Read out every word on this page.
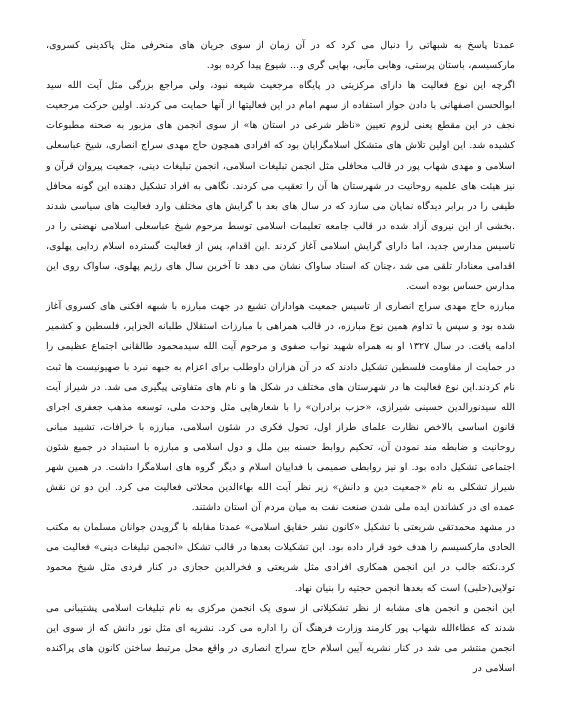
عمدتا پاسخ به شبهاتی را دنبال می کرد که در آن زمان از سوی جریان های منحرفی مثل پاکدینی کسروی، مارکسیسم، باستان پرستی، وهابی مآبی، بهایی گری و... شیوع پیدا کرده بود.

اگرچه این نوع فعالیت ها دارای مرکزیتی در پایگاه مرجعیت شیعه نبود، ولی مراجع بزرگی مثل آیت الله سید ابوالحسن اصفهانی با دادن جواز استفاده از سهم امام در این فعالیتها از آنها حمایت می کردند. اولین حرکت مرجعیت نجف در این مقطع یعنی لزوم تعیین «ناظر شرعی در استان ها» از سوی انجمن های مزبور به صحنه مطبوعات کشیده شد. این اولین تلاش های متشکل اسلامگرایان بود که افرادی همچون حاج مهدی سراج انصاری، شیخ عباسعلی اسلامی و مهدی شهاب پور در قالب محافلی مثل انجمن تبلیغات اسلامی، انجمن تبلیغات دینی، جمعیت پیروان قرآن و نیز هیئت های علمیه روحانیت در شهرستان ها آن را تعقیب می کردند. نگاهی به افراد تشکیل دهنده این گونه محافل طیفی را در برابر دیدگاه نمایان می سازد که در سال های بعد با گرایش های مختلف وارد فعالیت های سیاسی شدند .بخشی از این نیروی آزاد شده در قالب جامعه تعلیمات اسلامی توسط مرحوم شیخ عباسعلی اسلامی نهضتی را در تاسیس مدارس جدید، اما دارای گرایش اسلامی آغاز کردند .این اقدام، پس از فعالیت گسترده اسلام زدایی پهلوی، اقدامی معنادار تلقی می شد ،چنان که استاد ساواک نشان می دهد تا آخرین سال های رژیم پهلوی، ساواک روی این مدارس حساس بوده است.

مبارزه حاج مهدی سراج انصاری از تاسیس جمعیت هواداران تشیع در جهت مبارزه با شبهه افکنی های کسروی آغاز شده بود و سپس با تداوم همین نوع مبارزه، در قالب همراهی با مبارزات استقلال طلبانه الجزایر، فلسطین و کشمیر ادامه یافت. در سال ۱۳۲۷ او به همراه شهید نواب صفوی و مرحوم آیت الله سیدمحمود طالقانی اجتماع عظیمی را در حمایت از مقاومت فلسطین تشکیل دادند که در آن هزاران داوطلب برای اعزام به جبهه نبرد با صهیونیست ها ثبت نام کردند.این نوع فعالیت ها در شهرستان های مختلف در شکل ها و نام های متفاوتی پیگیری می شد. در شیراز آیت الله سیدنورالدین حسینی شیرازی، «حزب برادران» را با شعارهایی مثل وحدت ملی، توسعه مذهب جعفری اجرای قانون اساسی بالاخص نظارت علمای طراز اول، تحول فکری در شئون اسلامی، مبارزه با خرافات، تشیید مبانی روحانیت و ضابطه مند نمودن آن، تحکیم روابط حسنه بین ملل و دول اسلامی و مبارزه با استبداد در جمیع شئون اجتماعی تشکیل داده بود. او نیز روابطی صمیمی با فداییان اسلام و دیگر گروه های اسلامگرا داشت. در همین شهر شیراز تشکلی به نام «جمعیت دین و دانش» زیر نظر آیت الله بهاءالدین محلاتی فعالیت می کرد. این دو تن نقش عمده ای در کشاندن ایده ملی شدن صنعت نفت به میان مردم آن استان داشتند.

در مشهد محمدتقی شریعتی با تشکیل «کانون نشر حقایق اسلامی» عمدتا مقابله با گرویدن جوانان مسلمان به مکتب الحادی مارکسیسم را هدف خود قرار داده بود. این تشکیلات بعدها در قالب تشکل «انجمن تبلیغات دینی» فعالیت می کرد.نکته جالب در این انجمن همکاری افرادی مثل شریعتی و فخرالدین حجازی در کنار فردی مثل شیخ محمود تولایی(حلبی) است که بعدها انجمن حجتیه را بنیان نهاد.

این انجمن و انجمن های مشابه از نظر تشکیلاتی از سوی یک انجمن مرکزی به نام تبلیغات اسلامی پشتیبانی می شدند که عطاءالله شهاب پور کارمند وزارت فرهنگ آن را اداره می کرد. نشریه ای مثل نور دانش که از سوی این انجمن منتشر می شد در کنار نشریه آیین اسلام حاج سراج انصاری در واقع محل مرتبط ساختن کانون های پراکنده اسلامی در
